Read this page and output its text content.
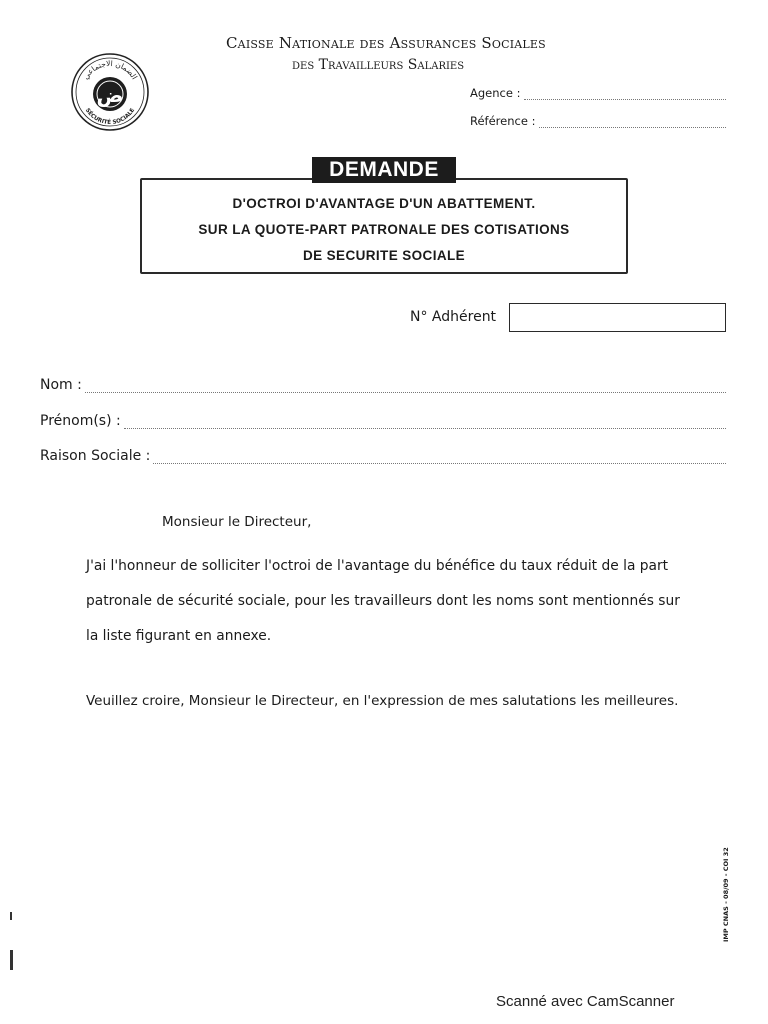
ض
الضمان الاجتماعي
SÉCURITÉ SOCIALE
Caisse Nationale des Assurances Sociales
des Travailleurs Salaries
Agence :
Référence :
DEMANDE
D'OCTROI D'AVANTAGE D'UN ABATTEMENT.
SUR LA QUOTE-PART PATRONALE DES COTISATIONS
DE SECURITE SOCIALE
N° Adhérent
Nom :
Prénom(s) :
Raison Sociale :
Monsieur le Directeur,
J'ai l'honneur de solliciter l'octroi de l'avantage du bénéfice du taux réduit de la part patronale de sécurité sociale, pour les travailleurs dont les noms sont mentionnés sur la liste figurant en annexe.
Veuillez croire, Monsieur le Directeur, en l'expression de mes salutations les meilleures.
IMP CNAS - 08/09 - COI 32
Scanné avec CamScanner
